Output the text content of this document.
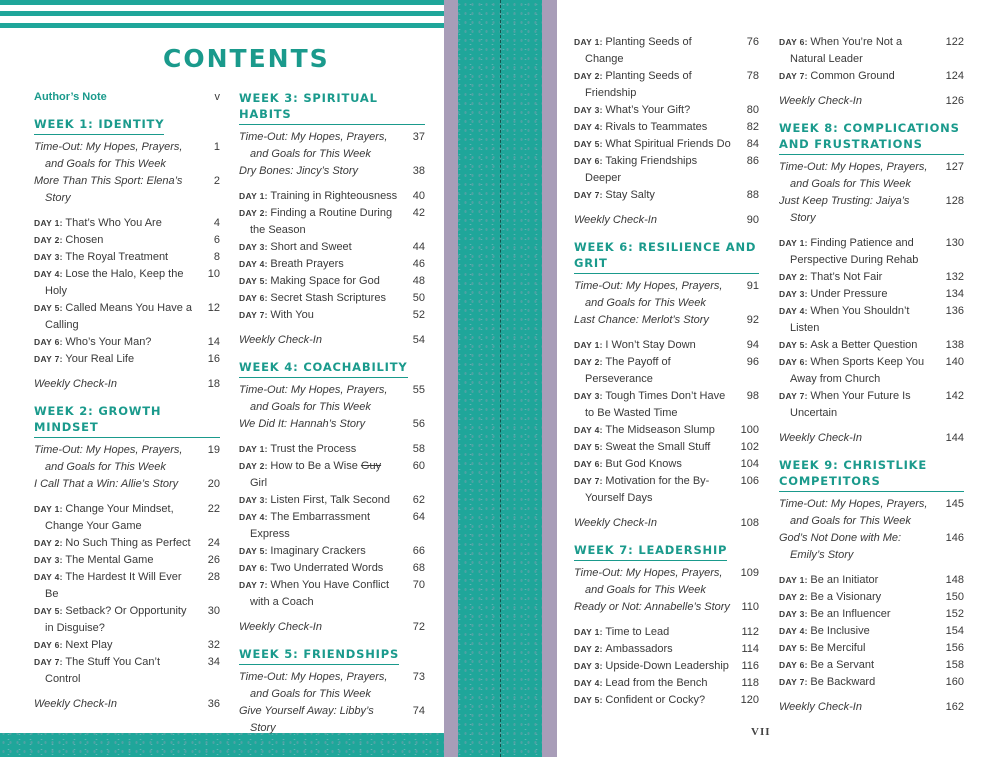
CONTENTS
Author’s Note	v
WEEK 1: IDENTITY
Time-Out: My Hopes, Prayers, and Goals for This Week
1
More Than This Sport: Elena’s Story
2
DAY 1: That’s Who You Are	4
DAY 2: Chosen	6
DAY 3: The Royal Treatment	8
DAY 4: Lose the Halo, Keep the Holy
10
DAY 5: Called Means You Have a Calling
12
DAY 6: Who’s Your Man?	14
DAY 7: Your Real Life	16
Weekly Check-In	18
WEEK 2: GROWTH MINDSET
Time-Out: My Hopes, Prayers, and Goals for This Week
19
I Call That a Win: Allie’s Story	20
DAY 1: Change Your Mindset, Change Your Game
22
DAY 2: No Such Thing as Perfect	24
DAY 3: The Mental Game	26
DAY 4: The Hardest It Will Ever Be
28
DAY 5: Setback? Or Opportunity in Disguise?
30
DAY 6: Next Play	32
DAY 7: The Stuff You Can’t Control
34
Weekly Check-In	36
WEEK 3: SPIRITUAL HABITS
Time-Out: My Hopes, Prayers, and Goals for This Week
37
Dry Bones: Jincy’s Story	38
DAY 1: Training in Righteousness	40
DAY 2: Finding a Routine During the Season
42
DAY 3: Short and Sweet	44
DAY 4: Breath Prayers	46
DAY 5: Making Space for God	48
DAY 6: Secret Stash Scriptures	50
DAY 7: With You	52
Weekly Check-In	54
WEEK 4: COACHABILITY
Time-Out: My Hopes, Prayers, and Goals for This Week
55
We Did It: Hannah’s Story	56
DAY 1: Trust the Process	58
DAY 2: How to Be a Wise Guy Girl
60
DAY 3: Listen First, Talk Second	62
DAY 4: The Embarrassment Express
64
DAY 5: Imaginary Crackers	66
DAY 6: Two Underrated Words	68
DAY 7: When You Have Conflict with a Coach
70
Weekly Check-In	72
WEEK 5: FRIENDSHIPS
Time-Out: My Hopes, Prayers, and Goals for This Week
73
Give Yourself Away: Libby’s Story
74
DAY 1: Planting Seeds of Change
76
DAY 2: Planting Seeds of Friendship
78
DAY 3: What’s Your Gift?	80
DAY 4: Rivals to Teammates	82
DAY 5: What Spiritual Friends Do	84
DAY 6: Taking Friendships Deeper
86
DAY 7: Stay Salty	88
Weekly Check-In	90
WEEK 6: RESILIENCE AND GRIT
Time-Out: My Hopes, Prayers, and Goals for This Week
91
Last Chance: Merlot’s Story	92
DAY 1: I Won’t Stay Down	94
DAY 2: The Payoff of Perseverance
96
DAY 3: Tough Times Don’t Have to Be Wasted Time
98
DAY 4: The Midseason Slump	100
DAY 5: Sweat the Small Stuff	102
DAY 6: But God Knows	104
DAY 7: Motivation for the By-Yourself Days
106
Weekly Check-In	108
WEEK 7: LEADERSHIP
Time-Out: My Hopes, Prayers, and Goals for This Week
109
Ready or Not: Annabelle’s Story	110
DAY 1: Time to Lead	112
DAY 2: Ambassadors	114
DAY 3: Upside-Down Leadership	116
DAY 4: Lead from the Bench	118
DAY 5: Confident or Cocky?	120
DAY 6: When You’re Not a Natural Leader
122
DAY 7: Common Ground	124
Weekly Check-In	126
WEEK 8: COMPLICATIONS AND FRUSTRATIONS
Time-Out: My Hopes, Prayers, and Goals for This Week
127
Just Keep Trusting: Jaiya’s Story
128
DAY 1: Finding Patience and Perspective During Rehab
130
DAY 2: That’s Not Fair	132
DAY 3: Under Pressure	134
DAY 4: When You Shouldn’t Listen
136
DAY 5: Ask a Better Question	138
DAY 6: When Sports Keep You Away from Church
140
DAY 7: When Your Future Is Uncertain
142
Weekly Check-In	144
WEEK 9: CHRISTLIKE COMPETITORS
Time-Out: My Hopes, Prayers, and Goals for This Week
145
God’s Not Done with Me: Emily’s Story
146
DAY 1: Be an Initiator	148
DAY 2: Be a Visionary	150
DAY 3: Be an Influencer	152
DAY 4: Be Inclusive	154
DAY 5: Be Merciful	156
DAY 6: Be a Servant	158
DAY 7: Be Backward	160
Weekly Check-In	162
VII
